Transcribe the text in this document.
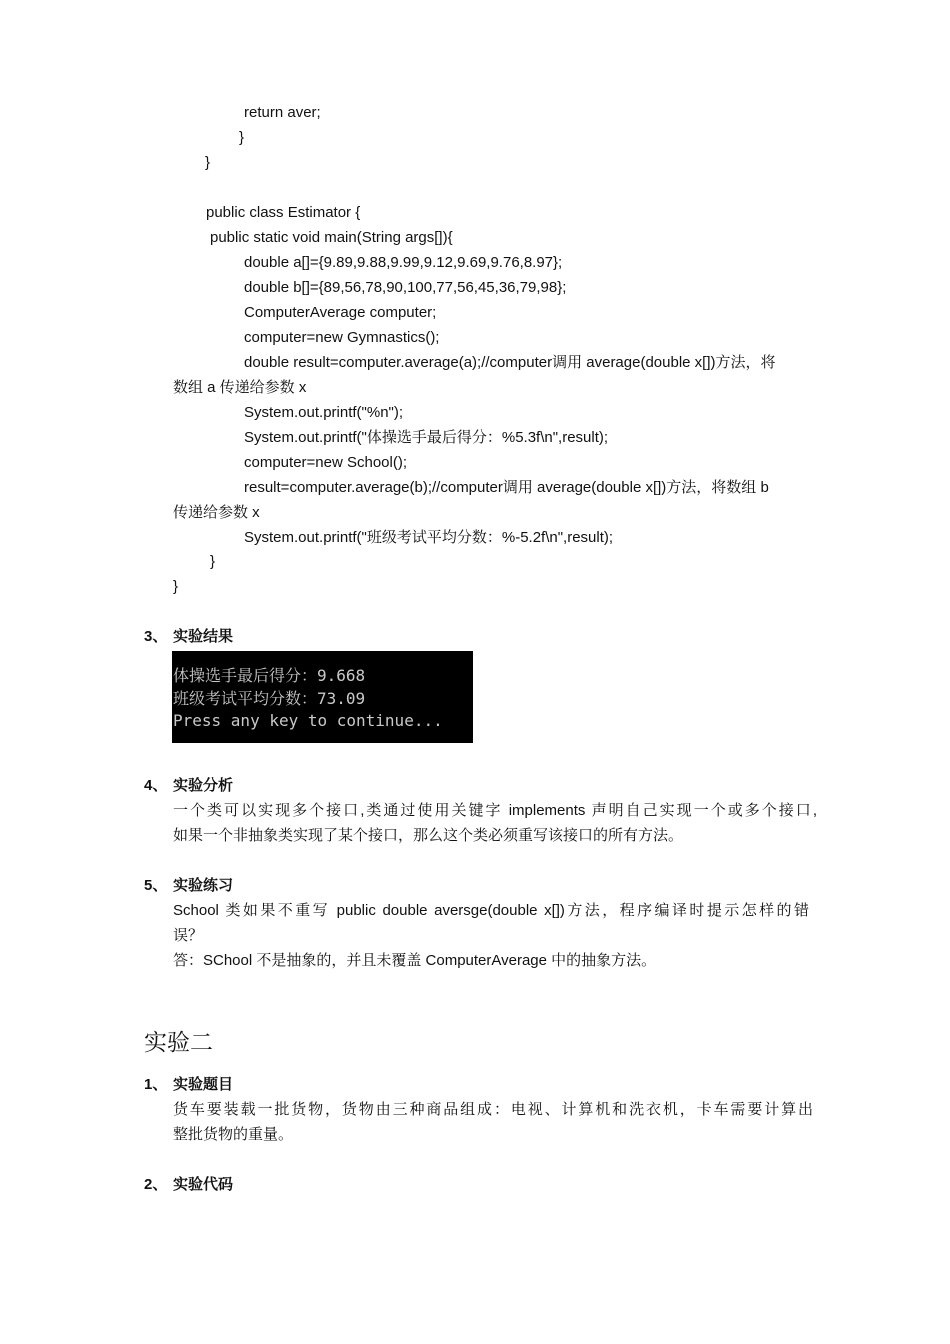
return aver;
}
}
public class Estimator {
public static void main(String args[]){
double a[]={9.89,9.88,9.99,9.12,9.69,9.76,8.97};
double b[]={89,56,78,90,100,77,56,45,36,79,98};
ComputerAverage computer;
computer=new Gymnastics();
double result=computer.average(a);//computer调用 average(double x[])方法，将
数组 a 传递给参数 x
System.out.printf("%n");
System.out.printf("体操选手最后得分：%5.3f\n",result);
computer=new School();
result=computer.average(b);//computer调用 average(double x[])方法，将数组 b
传递给参数 x
System.out.printf("班级考试平均分数：%-5.2f\n",result);
}
}
3、 实验结果
体操选手最后得分：9.668
班级考试平均分数：73.09
Press any key to continue...
4、 实验分析
一个类可以实现多个接口,类通过使用关键字 implements 声明自己实现一个或多个接口,
如果一个非抽象类实现了某个接口，那么这个类必须重写该接口的所有方法。
5、 实验练习
School 类如果不重写 public double aversge(double x[])方法，程序编译时提示怎样的错
误？
答：SChool 不是抽象的，并且未覆盖 ComputerAverage 中的抽象方法。
实验二
1、 实验题目
货车要装载一批货物，货物由三种商品组成：电视、计算机和洗衣机，卡车需要计算出
整批货物的重量。
2、 实验代码
